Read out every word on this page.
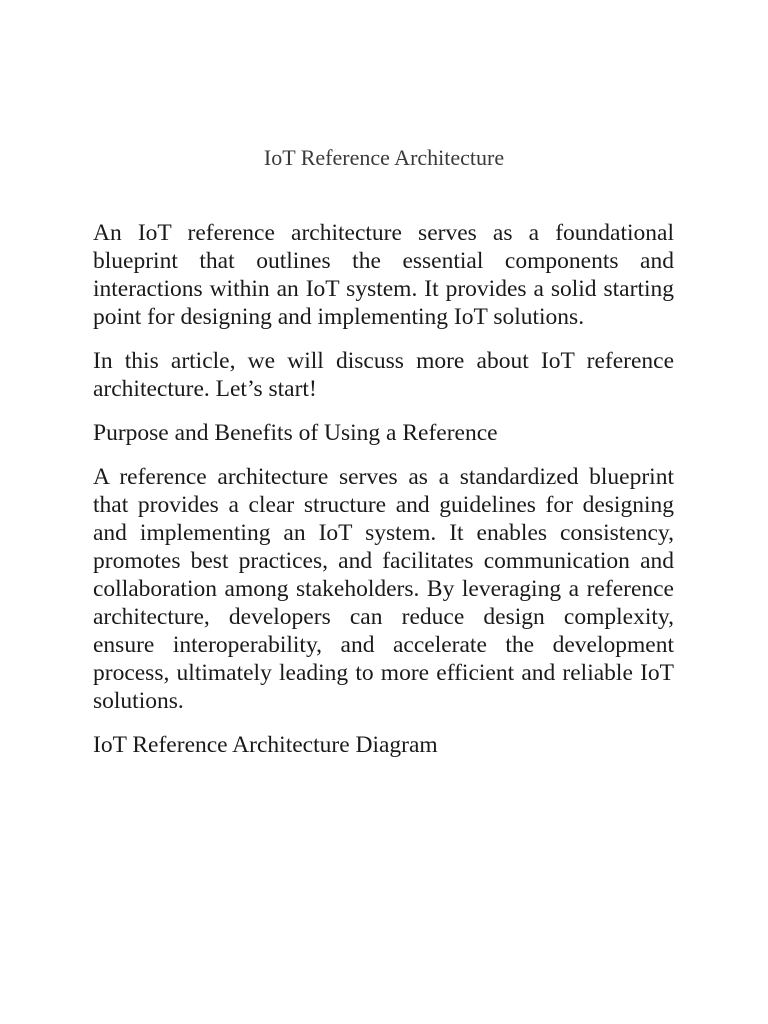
IoT Reference Architecture

An IoT reference architecture serves as a foundational blueprint that outlines the essential components and interactions within an IoT system. It provides a solid starting point for designing and implementing IoT solutions.

In this article, we will discuss more about IoT reference architecture. Let’s start!

Purpose and Benefits of Using a Reference

A reference architecture serves as a standardized blueprint that provides a clear structure and guidelines for designing and implementing an IoT system. It enables consistency, promotes best practices, and facilitates communication and collaboration among stakeholders. By leveraging a reference architecture, developers can reduce design complexity, ensure interoperability, and accelerate the development process, ultimately leading to more efficient and reliable IoT solutions.

IoT Reference Architecture Diagram
